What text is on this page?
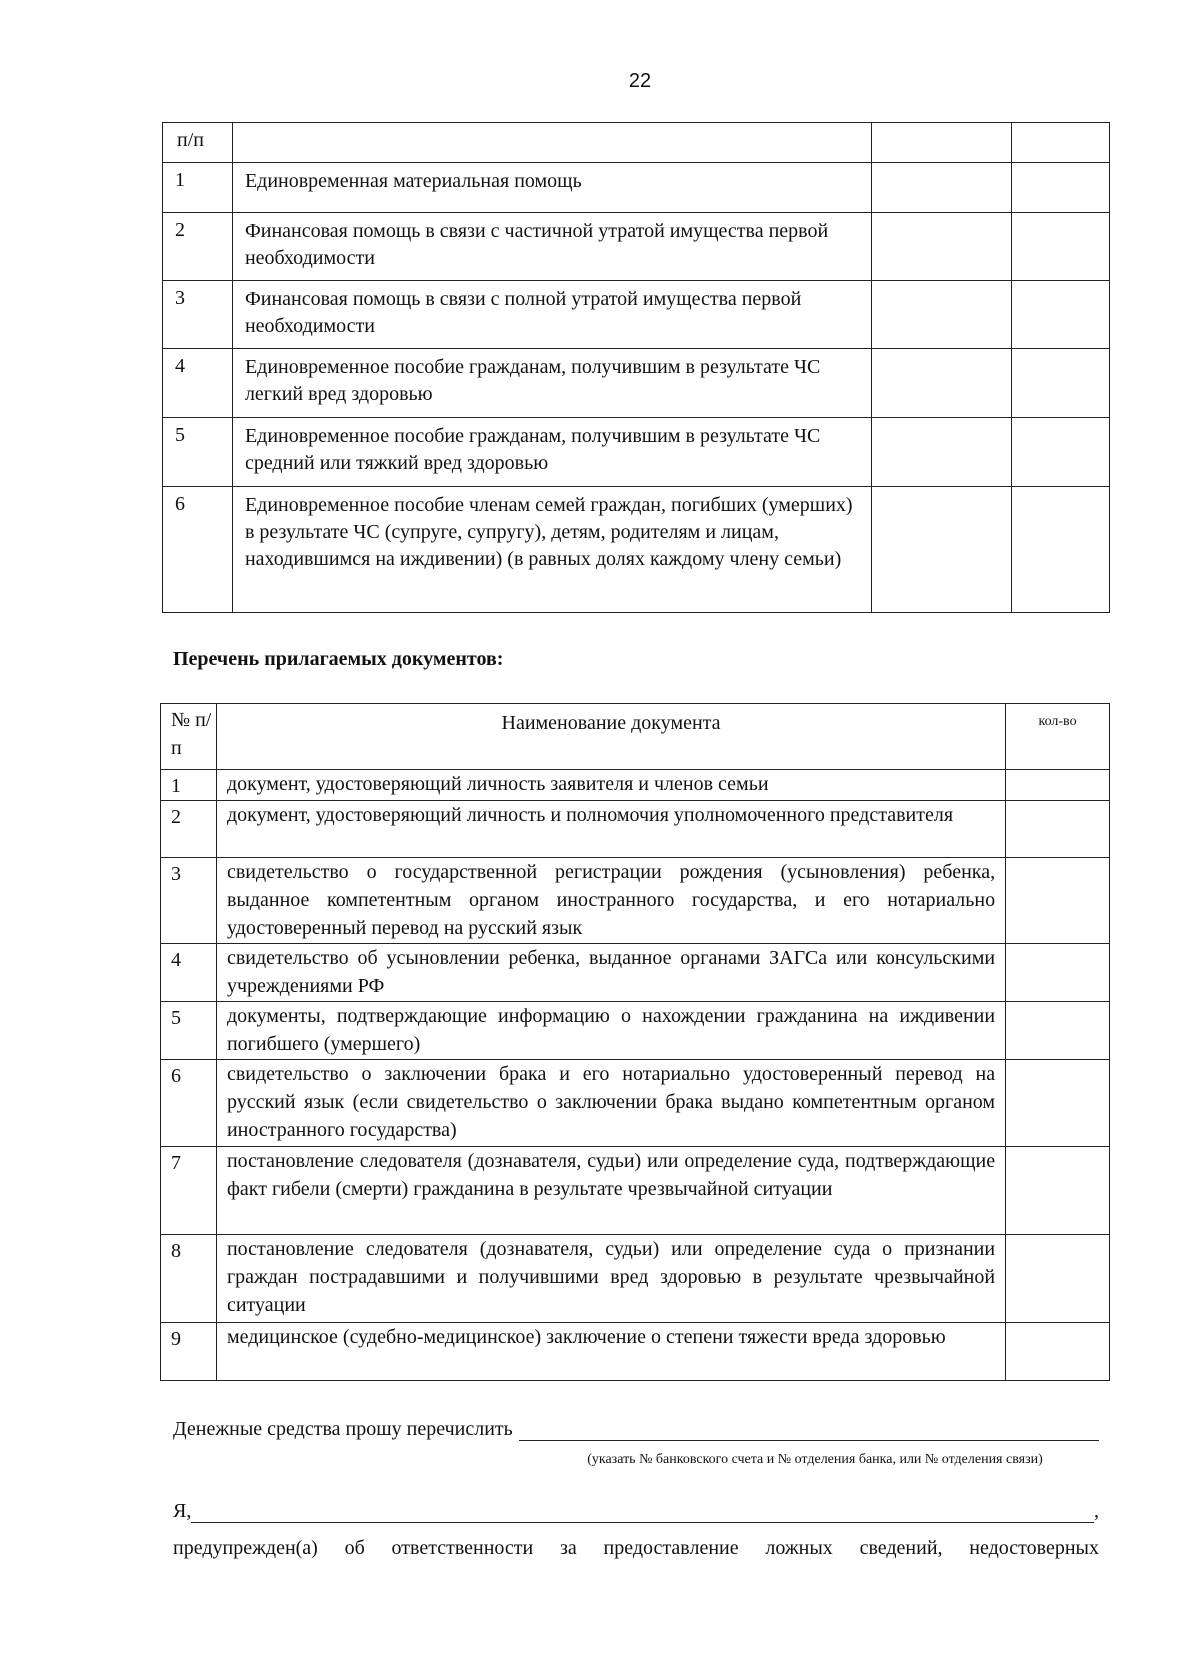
22
п/п			
1	Единовременная материальная помощь		
2	Финансовая помощь в связи с частичной утратой имущества первой необходимости		
3	Финансовая помощь в связи с полной утратой имущества первой необходимости		
4	Единовременное пособие гражданам, получившим в результате ЧС легкий вред здоровью		
5	Единовременное пособие гражданам, получившим в результате ЧС средний или тяжкий вред здоровью		
6	Единовременное пособие членам семей граждан, погибших (умерших) в результате ЧС (супруге, супругу), детям, родителям и лицам, находившимся на иждивении) (в равных долях каждому члену семьи)		
Перечень прилагаемых документов:
№ п/п	Наименование документа	кол-во
1	документ, удостоверяющий личность заявителя и членов семьи	
2	документ, удостоверяющий личность и полномочия уполномоченного представителя	
3	свидетельство о государственной регистрации рождения (усыновления) ребенка, выданное компетентным органом иностранного государства, и его нотариально удостоверенный перевод на русский язык	
4	свидетельство об усыновлении ребенка, выданное органами ЗАГСа или консульскими учреждениями РФ	
5	документы, подтверждающие информацию о нахождении гражданина на иждивении погибшего (умершего)	
6	свидетельство о заключении брака и его нотариально удостоверенный перевод на русский язык (если свидетельство о заключении брака выдано компетентным органом иностранного государства)	
7	постановление следователя (дознавателя, судьи) или определение суда, подтверждающие факт гибели (смерти) гражданина в результате чрезвычайной ситуации	
8	постановление следователя (дознавателя, судьи) или определение суда о признании граждан пострадавшими и получившими вред здоровью в результате чрезвычайной ситуации	
9	медицинское (судебно-медицинское) заключение о степени тяжести вреда здоровью	
Денежные средства прошу перечислить
(указать № банковского счета и № отделения банка, или № отделения связи)
Я,	,
предупрежден(а) об ответственности за предоставление ложных сведений, недостоверных
